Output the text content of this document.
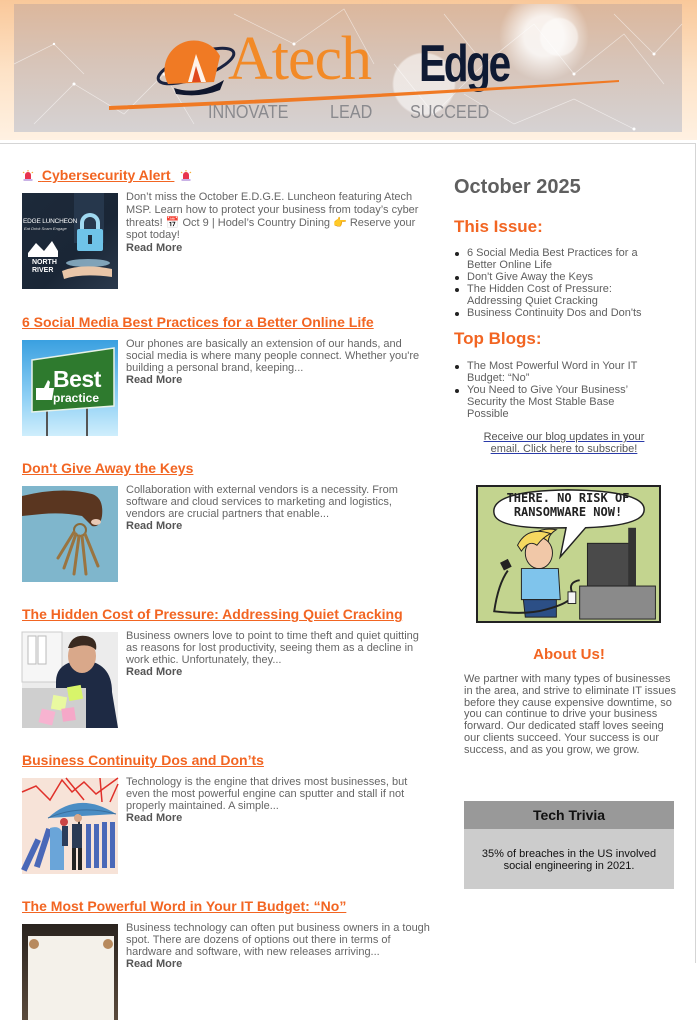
Atech Edge
INNOVATE LEAD SUCCEED
Cybersecurity Alert
EDGE LUNCHEON
Eat Drink Scam Engage
NORTH
RIVER
Don’t miss the October E.D.G.E. Luncheon featuring Atech MSP. Learn how to protect your business from today’s cyber threats! 📅 Oct 9 | Hodel’s Country Dining 👉 Reserve your spot today!
Read More
6 Social Media Best Practices for a Better Online Life
Best
practice
Our phones are basically an extension of our hands, and social media is where many people connect. Whether you're building a personal brand, keeping...
Read More
Don't Give Away the Keys
Collaboration with external vendors is a necessity. From software and cloud services to marketing and logistics, vendors are crucial partners that enable...
Read More
The Hidden Cost of Pressure: Addressing Quiet Cracking
Business owners love to point to time theft and quiet quitting as reasons for lost productivity, seeing them as a decline in work ethic. Unfortunately, they...
Read More
Business Continuity Dos and Don’ts
Technology is the engine that drives most businesses, but even the most powerful engine can sputter and stall if not properly maintained. A simple...
Read More
The Most Powerful Word in Your IT Budget: “No”
Business technology can often put business owners in a tough spot. There are dozens of options out there in terms of hardware and software, with new releases arriving...
Read More
October 2025
This Issue:
6 Social Media Best Practices for a Better Online Life
Don't Give Away the Keys
The Hidden Cost of Pressure: Addressing Quiet Cracking
Business Continuity Dos and Don'ts
Top Blogs:
The Most Powerful Word in Your IT Budget: “No”
You Need to Give Your Business’ Security the Most Stable Base Possible
Receive our blog updates in your email. Click here to subscribe!
THERE. NO RISK OF
RANSOMWARE NOW!
About Us!
We partner with many types of businesses in the area, and strive to eliminate IT issues before they cause expensive downtime, so you can continue to drive your business forward. Our dedicated staff loves seeing our clients succeed. Your success is our success, and as you grow, we grow.
Tech Trivia
35% of breaches in the US involved social engineering in 2021.
